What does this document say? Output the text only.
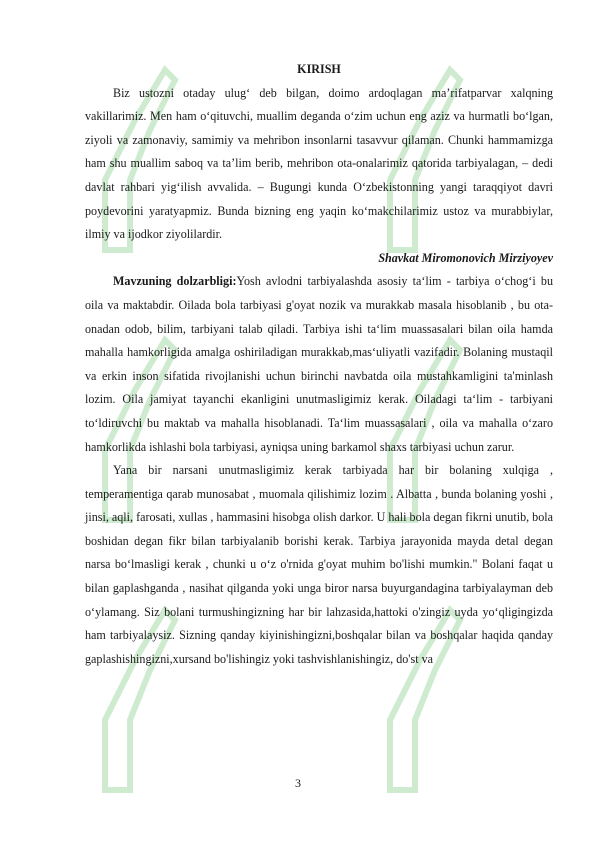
KIRISH

Biz ustozni otaday ulug‘ deb bilgan, doimo ardoqlagan ma’rifatparvar xalqning vakillarimiz. Men ham o‘qituvchi, muallim deganda o‘zim uchun eng aziz va hurmatli bo‘lgan, ziyoli va zamonaviy, samimiy va mehribon insonlarni tasavvur qilaman. Chunki hammamizga ham shu muallim saboq va ta’lim berib, mehribon ota-onalarimiz qatorida tarbiyalagan, – dedi davlat rahbari yig‘ilish avvalida. – Bugungi kunda O‘zbekistonning yangi taraqqiyot davri poydevorini yaratyapmiz. Bunda bizning eng yaqin ko‘makchilarimiz ustoz va murabbiylar, ilmiy va ijodkor ziyolilardir.

Shavkat Miromonovich Mirziyoyev

Mavzuning dolzarbligi:Yosh avlodni tarbiyalashda asosiy ta‘lim - tarbiya o‘chog‘i bu oila va maktabdir. Oilada bola tarbiyasi g'oyat nozik va murakkab masala hisoblanib , bu ota- onadan odob, bilim, tarbiyani talab qiladi. Tarbiya ishi ta‘lim muassasalari bilan oila hamda mahalla hamkorligida amalga oshiriladigan murakkab,mas‘uliyatli vazifadir. Bolaning mustaqil va erkin inson sifatida rivojlanishi uchun birinchi navbatda oila mustahkamligini ta'minlash lozim. Oila jamiyat tayanchi ekanligini unutmasligimiz kerak. Oiladagi ta‘lim - tarbiyani to‘ldiruvchi bu maktab va mahalla hisoblanadi. Ta‘lim muassasalari , oila va mahalla o‘zaro hamkorlikda ishlashi bola tarbiyasi, ayniqsa uning barkamol shaxs tarbiyasi uchun zarur.

Yana bir narsani unutmasligimiz kerak tarbiyada har bir bolaning xulqiga , temperamentiga qarab munosabat , muomala qilishimiz lozim . Albatta , bunda bolaning yoshi , jinsi, aqli, farosati, xullas , hammasini hisobga olish darkor. U hali bola degan fikrni unutib, bola boshidan degan fikr bilan tarbiyalanib borishi kerak. Tarbiya jarayonida mayda detal degan narsa bo‘lmasligi kerak , chunki u o‘z o'rnida g'oyat muhim bo'lishi mumkin." Bolani faqat u bilan gaplashganda , nasihat qilganda yoki unga biror narsa buyurgandagina tarbiyalayman deb o‘ylamang. Siz bolani turmushingizning har bir lahzasida,hattoki o'zingiz uyda yo‘qligingizda ham tarbiyalaysiz. Sizning qanday kiyinishingizni,boshqalar bilan va boshqalar haqida qanday gaplashishingizni,xursand bo'lishingiz yoki tashvishlanishingiz, do'st va

3
